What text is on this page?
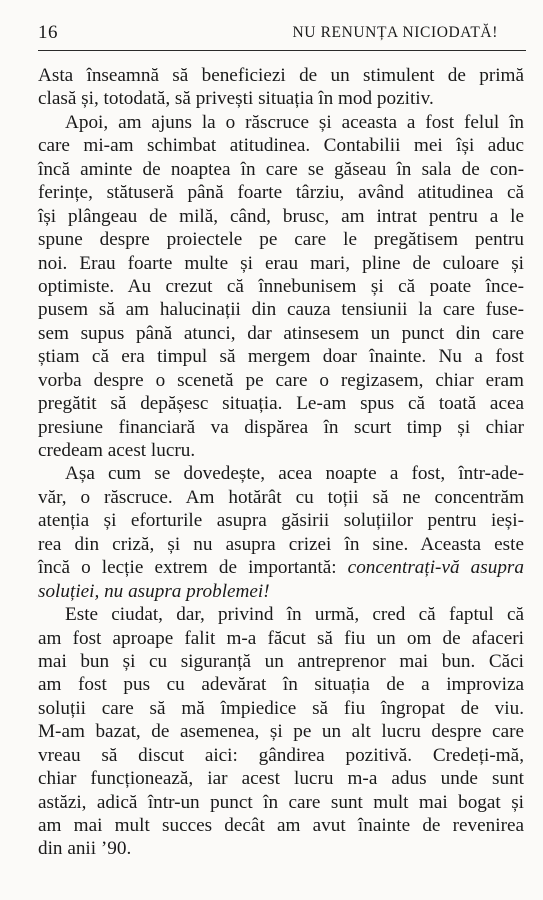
16	NU RENUNȚA NICIODATĂ!
Asta înseamnă să beneficiezi de un stimulent de primă
clasă și, totodată, să privești situația în mod pozitiv.
Apoi, am ajuns la o răscruce și aceasta a fost felul în
care mi-am schimbat atitudinea. Contabilii mei își aduc
încă aminte de noaptea în care se găseau în sala de con-
ferințe, stătuseră până foarte târziu, având atitudinea că
își plângeau de milă, când, brusc, am intrat pentru a le
spune despre proiectele pe care le pregătisem pentru
noi. Erau foarte multe și erau mari, pline de culoare și
optimiste. Au crezut că înnebunisem și că poate înce-
pusem să am halucinații din cauza tensiunii la care fuse-
sem supus până atunci, dar atinsesem un punct din care
știam că era timpul să mergem doar înainte. Nu a fost
vorba despre o scenetă pe care o regizasem, chiar eram
pregătit să depășesc situația. Le-am spus că toată acea
presiune financiară va dispărea în scurt timp și chiar
credeam acest lucru.
Așa cum se dovedește, acea noapte a fost, într-ade-
văr, o răscruce. Am hotărât cu toții să ne concentrăm
atenția și eforturile asupra găsirii soluțiilor pentru ieși-
rea din criză, și nu asupra crizei în sine. Aceasta este
încă o lecție extrem de importantă: concentrați-vă asupra
soluției, nu asupra problemei!
Este ciudat, dar, privind în urmă, cred că faptul că
am fost aproape falit m-a făcut să fiu un om de afaceri
mai bun și cu siguranță un antreprenor mai bun. Căci
am fost pus cu adevărat în situația de a improviza
soluții care să mă împiedice să fiu îngropat de viu.
M-am bazat, de asemenea, și pe un alt lucru despre care
vreau să discut aici: gândirea pozitivă. Credeți-mă,
chiar funcționează, iar acest lucru m-a adus unde sunt
astăzi, adică într-un punct în care sunt mult mai bogat și
am mai mult succes decât am avut înainte de revenirea
din anii ’90.
